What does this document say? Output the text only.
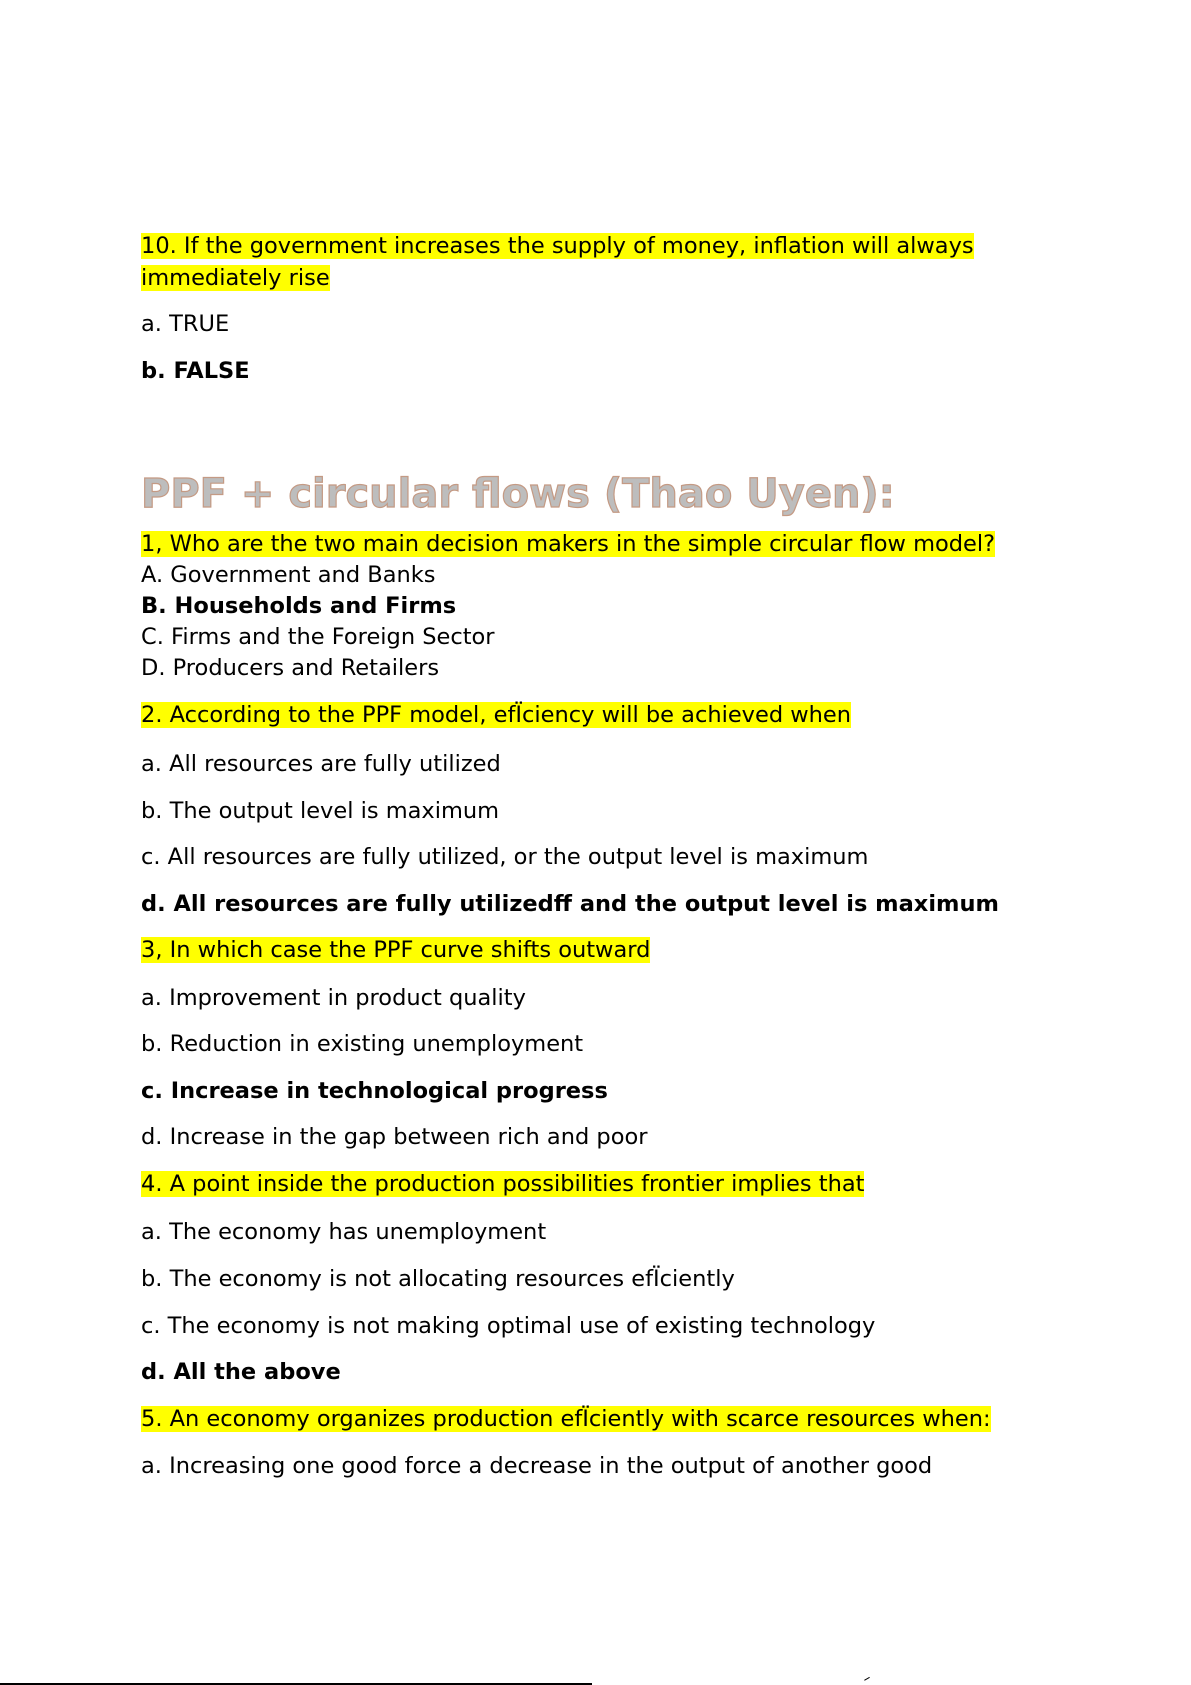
10. If the government increases the supply of money, inflation will always

immediately rise

a. TRUE

b. FALSE

PPF + circular flows (Thao Uyen):

1, Who are the two main decision makers in the simple circular flow model?

A. Government and Banks

B. Households and Firms

C. Firms and the Foreign Sector

D. Producers and Retailers

2. According to the PPF model, efÏciency will be achieved when

a. All resources are fully utilized

b. The output level is maximum

c. All resources are fully utilized, or the output level is maximum

d. All resources are fully utilizedff and the output level is maximum

3, In which case the PPF curve shifts outward

a. Improvement in product quality

b. Reduction in existing unemployment

c. Increase in technological progress

d. Increase in the gap between rich and poor

4. A point inside the production possibilities frontier implies that

a. The economy has unemployment

b. The economy is not allocating resources efÏciently

c. The economy is not making optimal use of existing technology

d. All the above

5. An economy organizes production efÏciently with scarce resources when:

a. Increasing one good force a decrease in the output of another good
